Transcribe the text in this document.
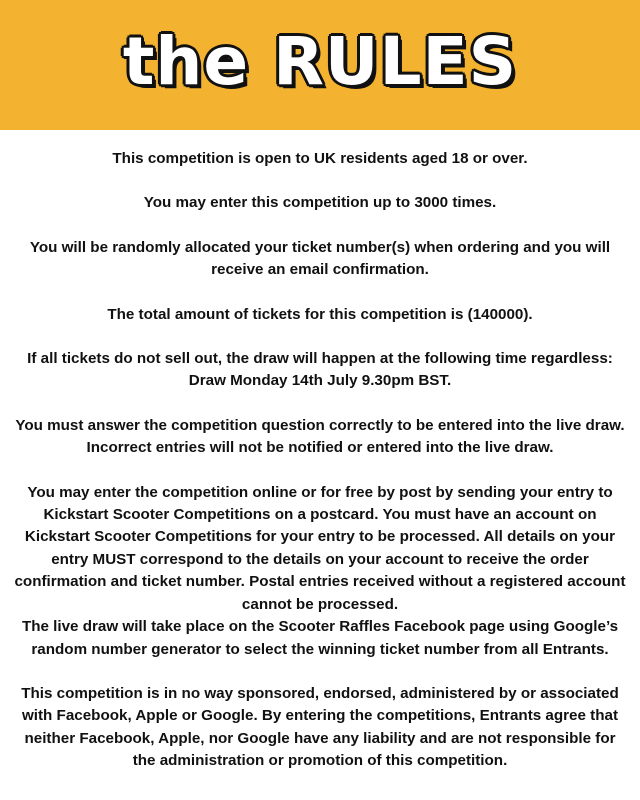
the RULES

This competition is open to UK residents aged 18 or over.

You may enter this competition up to 3000 times.

You will be randomly allocated your ticket number(s) when ordering and you will receive an email confirmation.

The total amount of tickets for this competition is (140000).

If all tickets do not sell out, the draw will happen at the following time regardless:
Draw Monday 14th July 9.30pm BST.

You must answer the competition question correctly to be entered into the live draw. Incorrect entries will not be notified or entered into the live draw.

You may enter the competition online or for free by post by sending your entry to Kickstart Scooter Competitions on a postcard. You must have an account on Kickstart Scooter Competitions for your entry to be processed. All details on your entry MUST correspond to the details on your account to receive the order confirmation and ticket number. Postal entries received without a registered account cannot be processed.

The live draw will take place on the Scooter Raffles Facebook page using Google’s random number generator to select the winning ticket number from all Entrants.

This competition is in no way sponsored, endorsed, administered by or associated with Facebook, Apple or Google. By entering the competitions, Entrants agree that neither Facebook, Apple, nor Google have any liability and are not responsible for the administration or promotion of this competition.
